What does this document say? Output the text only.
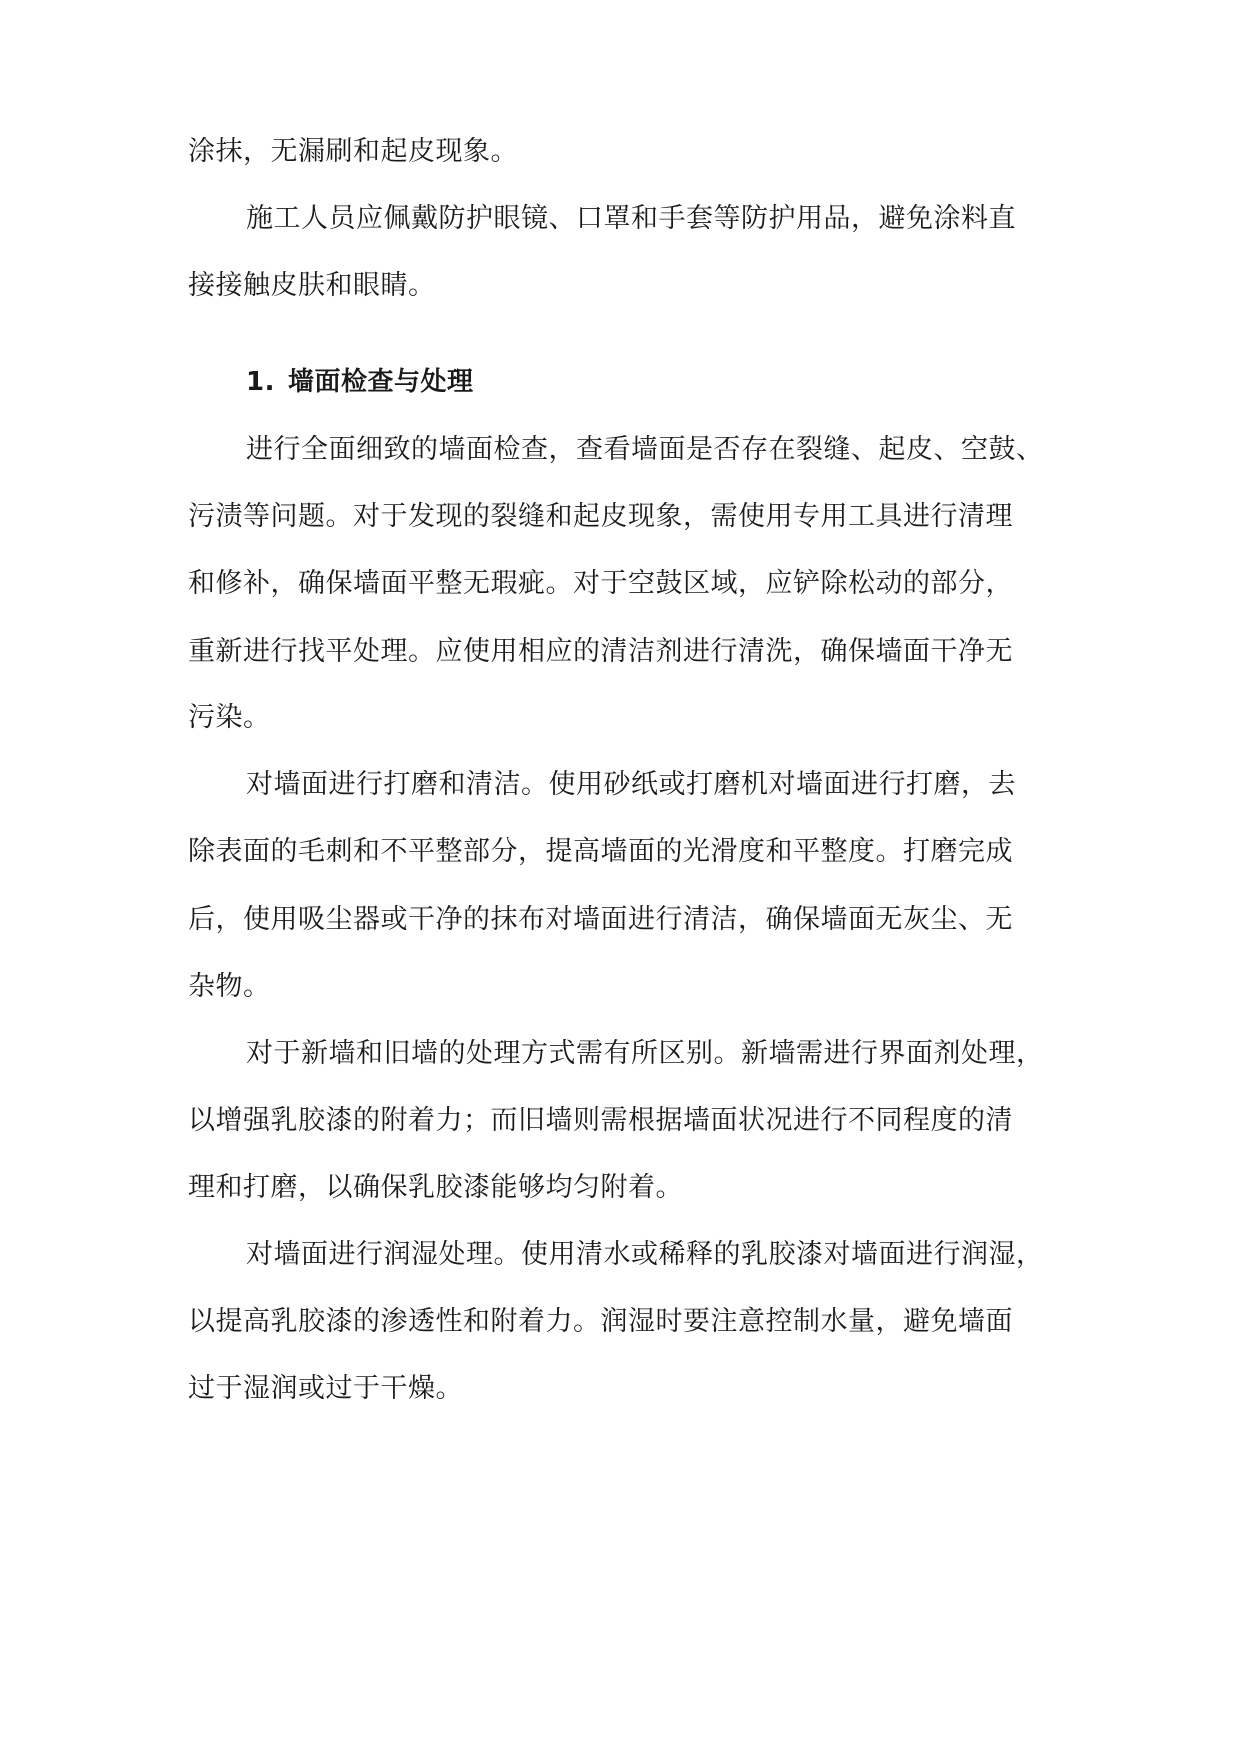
涂抹，无漏刷和起皮现象。
施工人员应佩戴防护眼镜、口罩和手套等防护用品，避免涂料直
接接触皮肤和眼睛。
1. 墙面检查与处理
进行全面细致的墙面检查，查看墙面是否存在裂缝、起皮、空鼓、
污渍等问题。对于发现的裂缝和起皮现象，需使用专用工具进行清理
和修补，确保墙面平整无瑕疵。对于空鼓区域，应铲除松动的部分，
重新进行找平处理。应使用相应的清洁剂进行清洗，确保墙面干净无
污染。
对墙面进行打磨和清洁。使用砂纸或打磨机对墙面进行打磨，去
除表面的毛刺和不平整部分，提高墙面的光滑度和平整度。打磨完成
后，使用吸尘器或干净的抹布对墙面进行清洁，确保墙面无灰尘、无
杂物。
对于新墙和旧墙的处理方式需有所区别。新墙需进行界面剂处理，
以增强乳胶漆的附着力；而旧墙则需根据墙面状况进行不同程度的清
理和打磨，以确保乳胶漆能够均匀附着。
对墙面进行润湿处理。使用清水或稀释的乳胶漆对墙面进行润湿，
以提高乳胶漆的渗透性和附着力。润湿时要注意控制水量，避免墙面
过于湿润或过于干燥。
